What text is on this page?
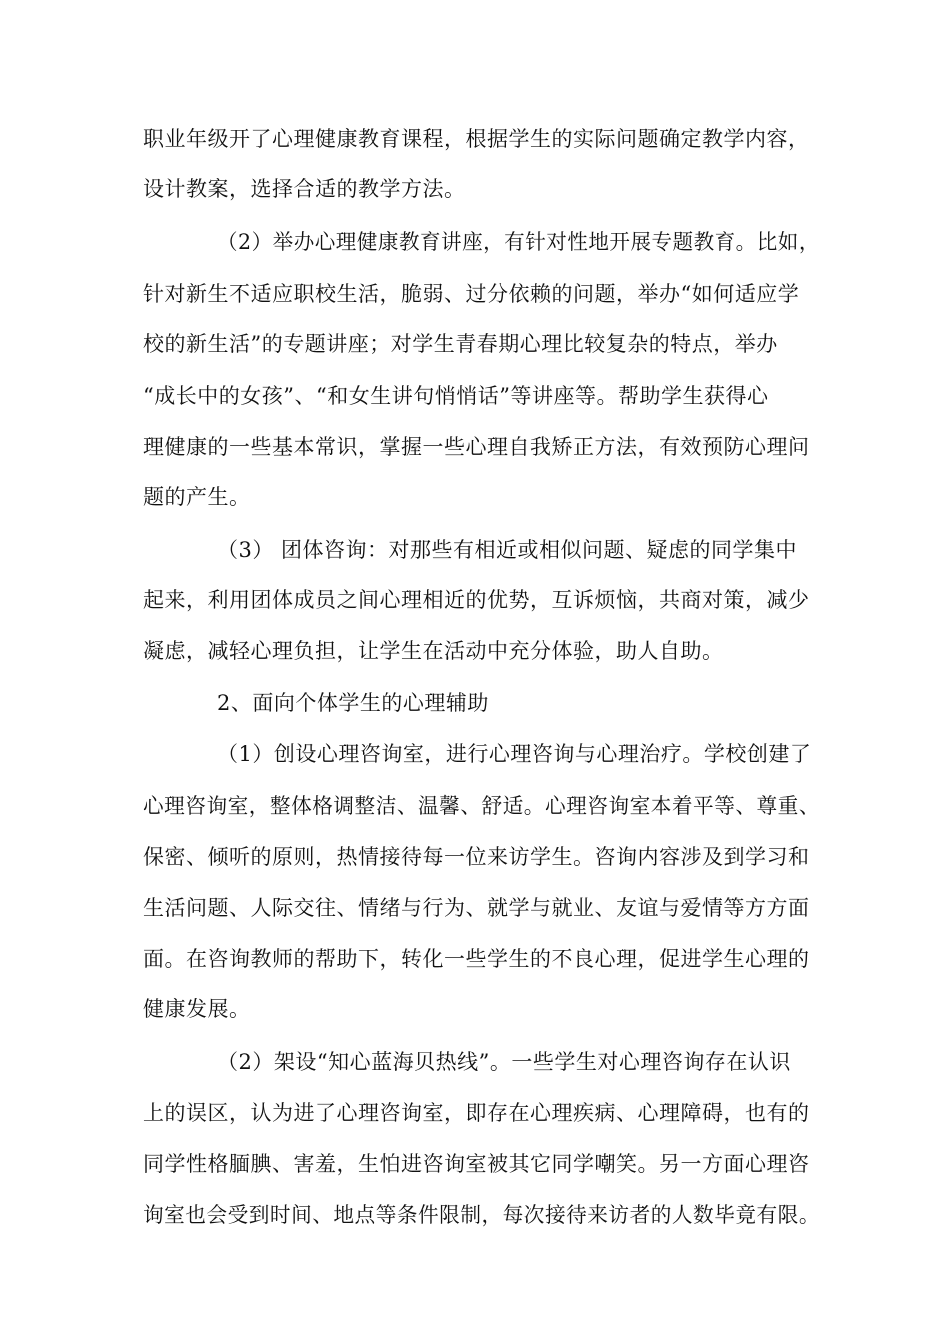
职业年级开了心理健康教育课程，根据学生的实际问题确定教学内容，
设计教案，选择合适的教学方法。
（2）举办心理健康教育讲座，有针对性地开展专题教育。比如，
针对新生不适应职校生活，脆弱、过分依赖的问题，举办“如何适应学
校的新生活”的专题讲座；对学生青春期心理比较复杂的特点，举办
“成长中的女孩”、“和女生讲句悄悄话”等讲座等。帮助学生获得心
理健康的一些基本常识，掌握一些心理自我矫正方法，有效预防心理问
题的产生。
（3） 团体咨询：对那些有相近或相似问题、疑虑的同学集中
起来，利用团体成员之间心理相近的优势，互诉烦恼，共商对策，减少
凝虑，减轻心理负担，让学生在活动中充分体验，助人自助。
2、面向个体学生的心理辅助
（1）创设心理咨询室，进行心理咨询与心理治疗。学校创建了
心理咨询室，整体格调整洁、温馨、舒适。心理咨询室本着平等、尊重、
保密、倾听的原则，热情接待每一位来访学生。咨询内容涉及到学习和
生活问题、人际交往、情绪与行为、就学与就业、友谊与爱情等方方面
面。在咨询教师的帮助下，转化一些学生的不良心理，促进学生心理的
健康发展。
（2）架设“知心蓝海贝热线”。一些学生对心理咨询存在认识
上的误区，认为进了心理咨询室，即存在心理疾病、心理障碍，也有的
同学性格腼腆、害羞，生怕进咨询室被其它同学嘲笑。另一方面心理咨
询室也会受到时间、地点等条件限制，每次接待来访者的人数毕竟有限。
